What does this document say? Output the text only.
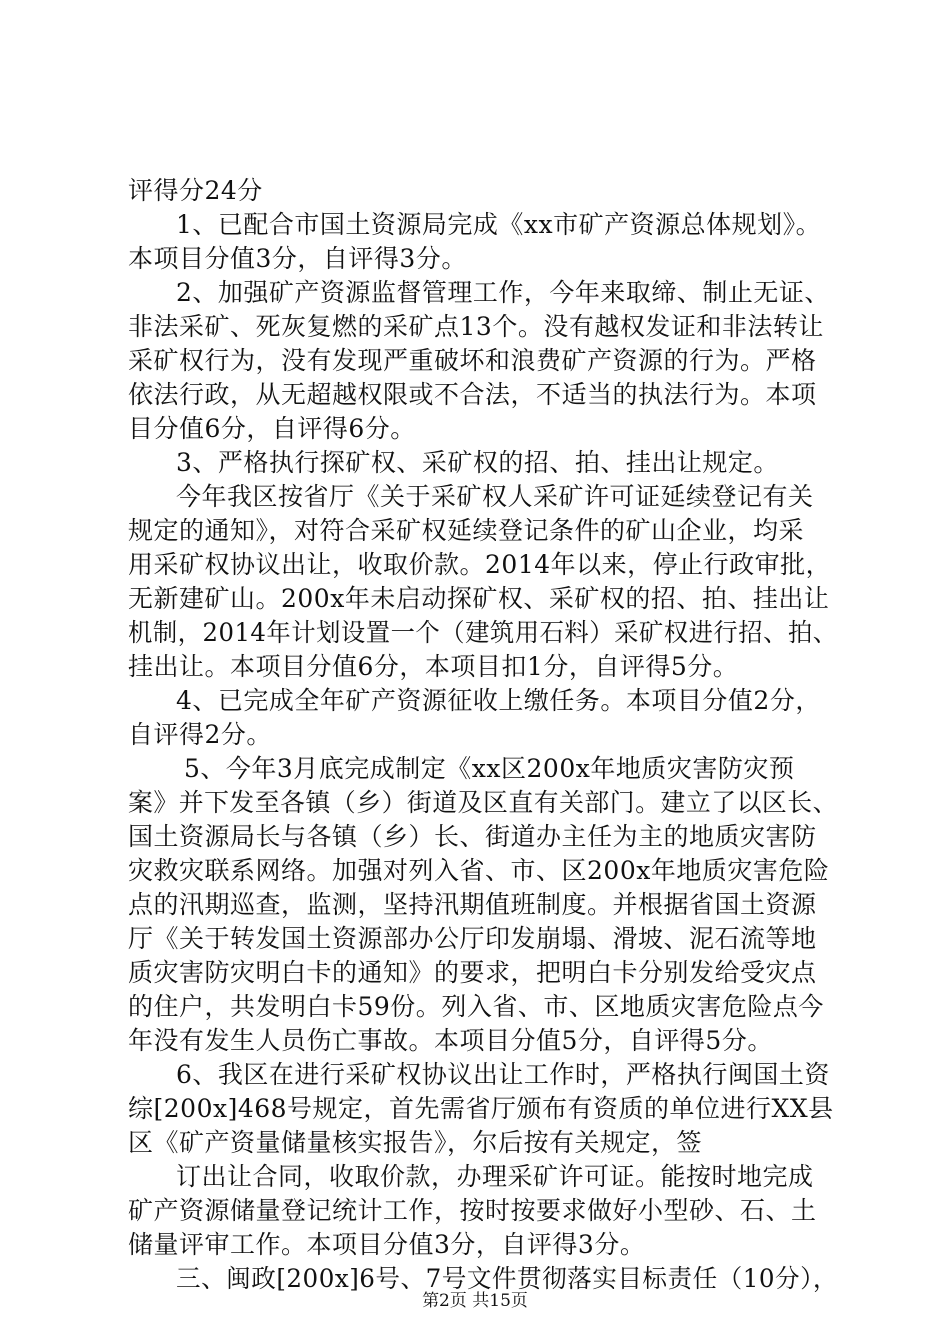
评得分24分
1、已配合市国土资源局完成《xx市矿产资源总体规划》。
本项目分值3分，自评得3分。
2、加强矿产资源监督管理工作，今年来取缔、制止无证、
非法采矿、死灰复燃的采矿点13个。没有越权发证和非法转让
采矿权行为，没有发现严重破坏和浪费矿产资源的行为。严格
依法行政，从无超越权限或不合法，不适当的执法行为。本项
目分值6分，自评得6分。
3、严格执行探矿权、采矿权的招、拍、挂出让规定。
今年我区按省厅《关于采矿权人采矿许可证延续登记有关
规定的通知》，对符合采矿权延续登记条件的矿山企业，均采
用采矿权协议出让，收取价款。2014年以来，停止行政审批，
无新建矿山。200x年未启动探矿权、采矿权的招、拍、挂出让
机制，2014年计划设置一个（建筑用石料）采矿权进行招、拍、
挂出让。本项目分值6分，本项目扣1分，自评得5分。
4、已完成全年矿产资源征收上缴任务。本项目分值2分，
自评得2分。
5、今年3月底完成制定《xx区200x年地质灾害防灾预
案》并下发至各镇（乡）街道及区直有关部门。建立了以区长、
国土资源局长与各镇（乡）长、街道办主任为主的地质灾害防
灾救灾联系网络。加强对列入省、市、区200x年地质灾害危险
点的汛期巡查，监测，坚持汛期值班制度。并根据省国土资源
厅《关于转发国土资源部办公厅印发崩塌、滑坡、泥石流等地
质灾害防灾明白卡的通知》的要求，把明白卡分别发给受灾点
的住户，共发明白卡59份。列入省、市、区地质灾害危险点今
年没有发生人员伤亡事故。本项目分值5分，自评得5分。
6、我区在进行采矿权协议出让工作时，严格执行闽国土资
综[200x]468号规定，首先需省厅颁布有资质的单位进行XX县
区《矿产资量储量核实报告》，尔后按有关规定，签
订出让合同，收取价款，办理采矿许可证。能按时地完成
矿产资源储量登记统计工作，按时按要求做好小型砂、石、土
储量评审工作。本项目分值3分，自评得3分。
三、闽政[200x]6号、7号文件贯彻落实目标责任（10分），
第2页 共15页
